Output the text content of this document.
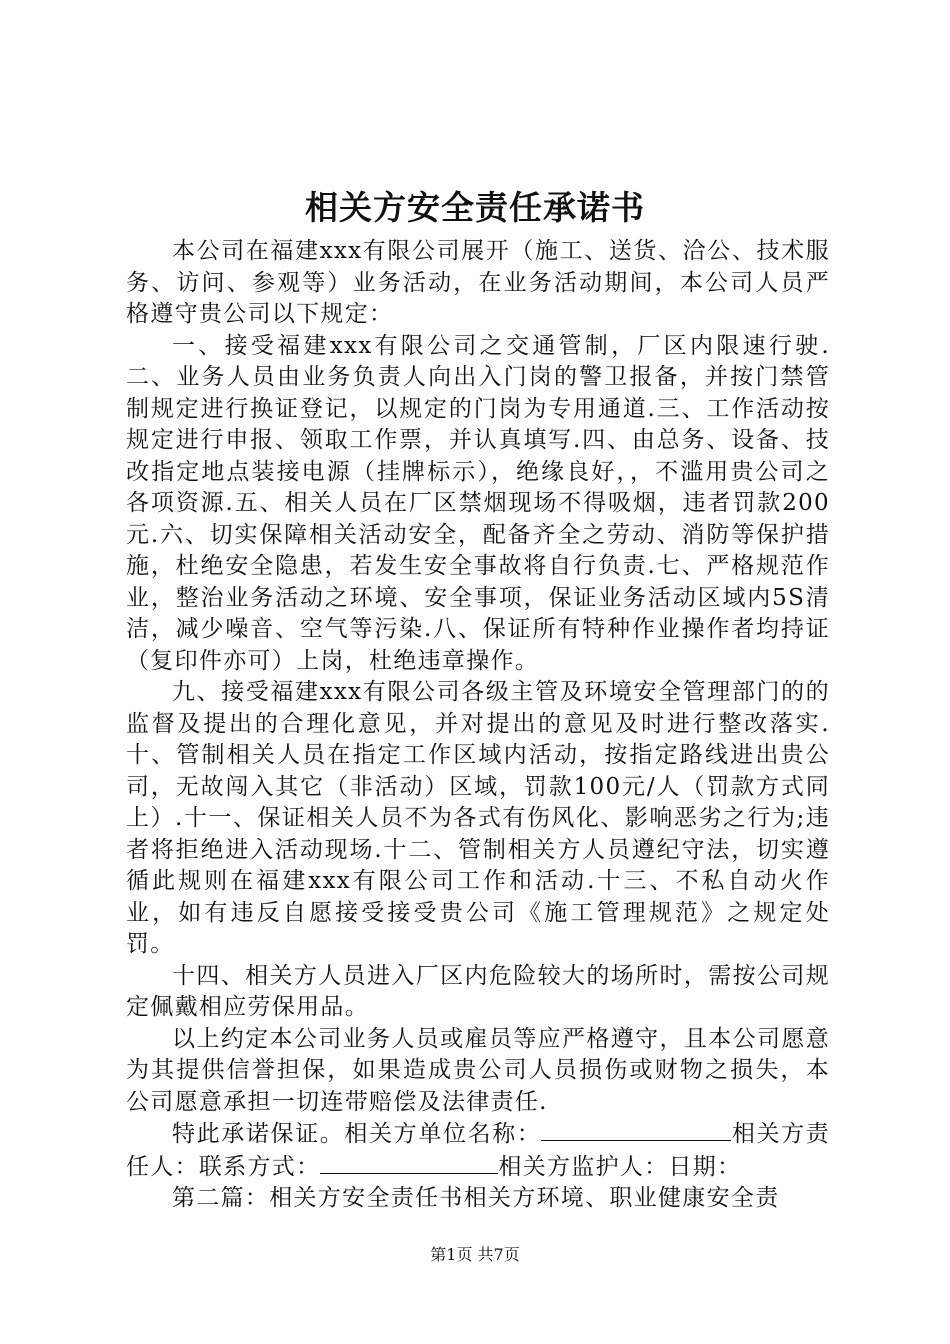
相关方安全责任承诺书

本公司在福建xxx有限公司展开（施工、送货、洽公、技术服务、访问、参观等）业务活动，在业务活动期间，本公司人员严格遵守贵公司以下规定：

一、接受福建xxx有限公司之交通管制，厂区内限速行驶.二、业务人员由业务负责人向出入门岗的警卫报备，并按门禁管制规定进行换证登记，以规定的门岗为专用通道.三、工作活动按规定进行申报、领取工作票，并认真填写.四、由总务、设备、技改指定地点装接电源（挂牌标示），绝缘良好，，不滥用贵公司之各项资源.五、相关人员在厂区禁烟现场不得吸烟，违者罚款200元.六、切实保障相关活动安全，配备齐全之劳动、消防等保护措施，杜绝安全隐患，若发生安全事故将自行负责.七、严格规范作业，整治业务活动之环境、安全事项，保证业务活动区域内5S清洁，减少噪音、空气等污染.八、保证所有特种作业操作者均持证（复印件亦可）上岗，杜绝违章操作。

九、接受福建xxx有限公司各级主管及环境安全管理部门的的监督及提出的合理化意见，并对提出的意见及时进行整改落实.十、管制相关人员在指定工作区域内活动，按指定路线进出贵公司，无故闯入其它（非活动）区域，罚款100元/人（罚款方式同上）.十一、保证相关人员不为各式有伤风化、影响恶劣之行为;违者将拒绝进入活动现场.十二、管制相关方人员遵纪守法，切实遵循此规则在福建xxx有限公司工作和活动.十三、不私自动火作业，如有违反自愿接受接受贵公司《施工管理规范》之规定处罚。

十四、相关方人员进入厂区内危险较大的场所时，需按公司规定佩戴相应劳保用品。

以上约定本公司业务人员或雇员等应严格遵守，且本公司愿意为其提供信誉担保，如果造成贵公司人员损伤或财物之损失，本公司愿意承担一切连带赔偿及法律责任.

特此承诺保证。相关方单位名称：	相关方责任人：联系方式：	相关方监护人：日期：

第二篇：相关方安全责任书相关方环境、职业健康安全责

第1页 共7页
